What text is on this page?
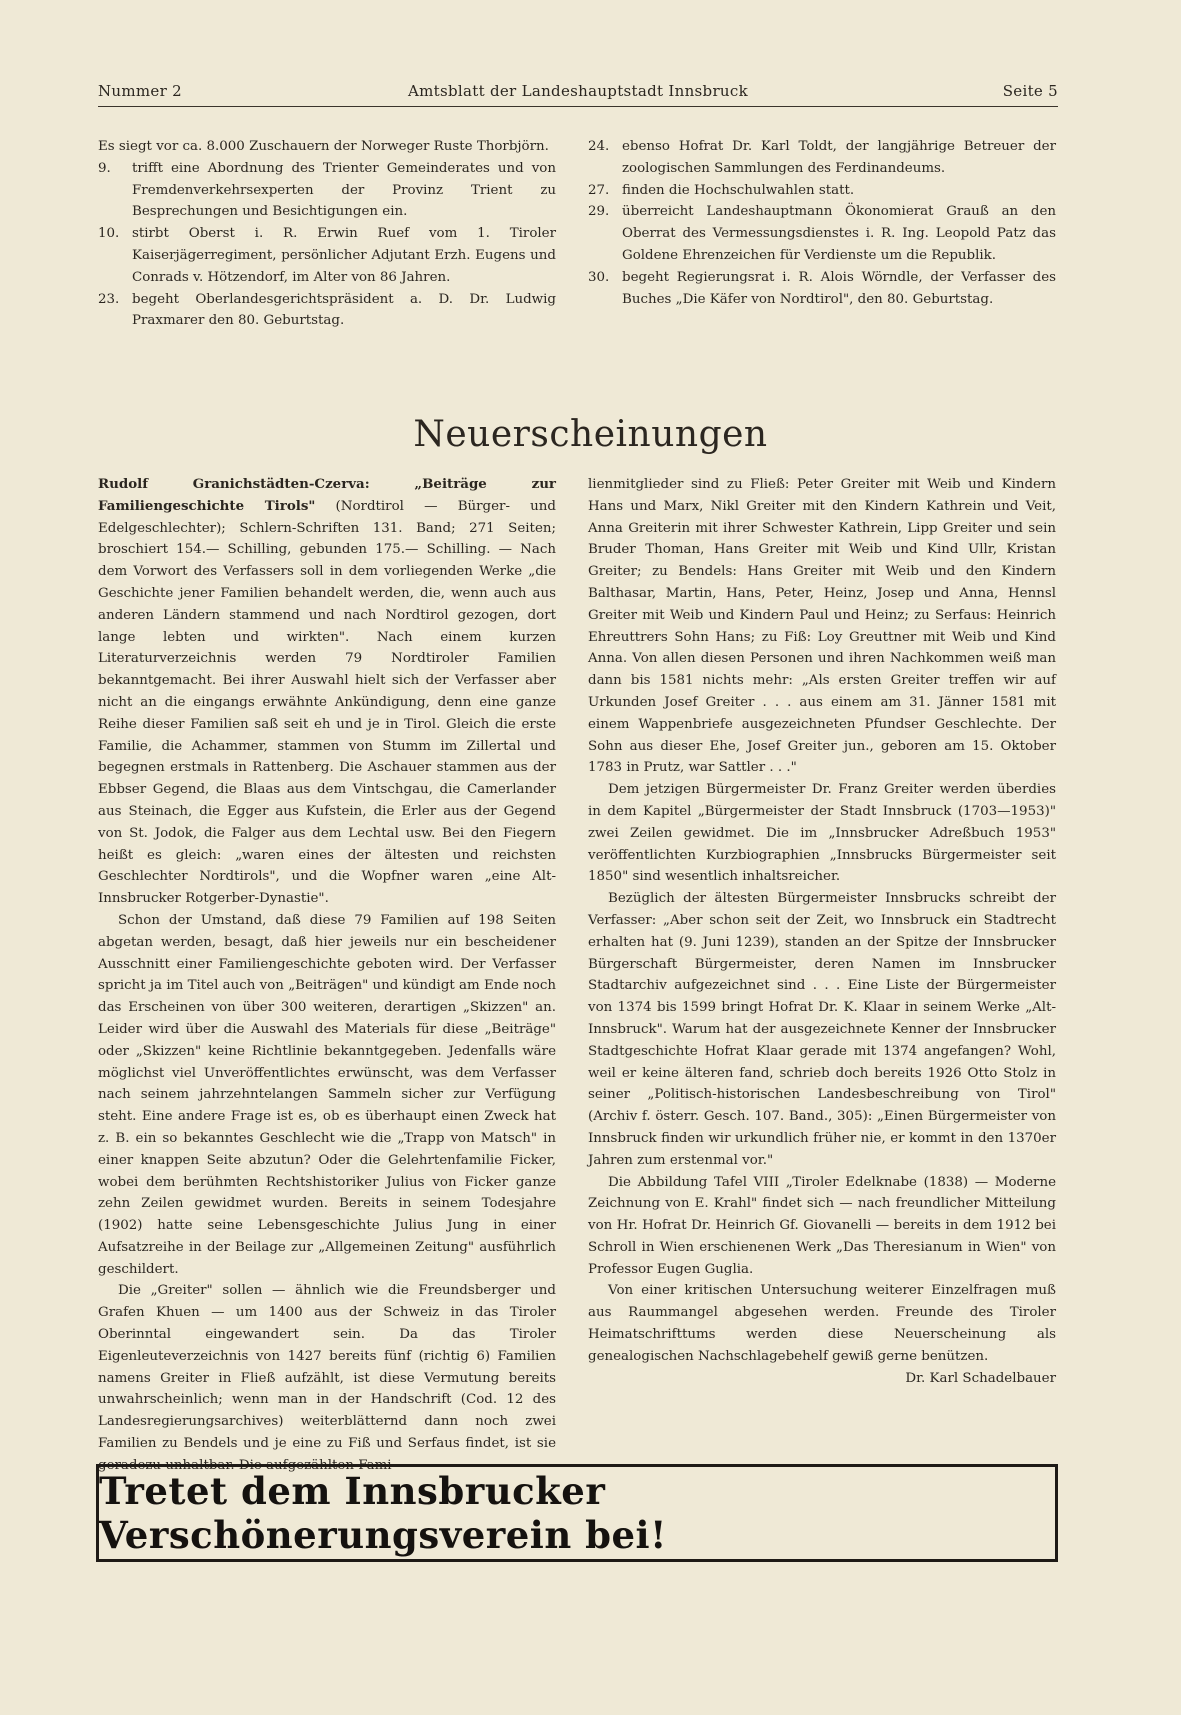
Nummer 2	Amtsblatt der Landeshauptstadt Innsbruck	Seite 5

Es siegt vor ca. 8.000 Zuschauern der Norweger Ruste Thorbjörn.

9. trifft eine Abordnung des Trienter Gemeinderates und von Fremdenverkehrsexperten der Provinz Trient zu Besprechungen und Besichtigungen ein.

10. stirbt Oberst i. R. Erwin Ruef vom 1. Tiroler Kaiserjägerregiment, persönlicher Adjutant Erzh. Eugens und Conrads v. Hötzendorf, im Alter von 86 Jahren.

23. begeht Oberlandesgerichtspräsident a. D. Dr. Ludwig Praxmarer den 80. Geburtstag.

24. ebenso Hofrat Dr. Karl Toldt, der langjährige Betreuer der zoologischen Sammlungen des Ferdinandeums.

27. finden die Hochschulwahlen statt.

29. überreicht Landeshauptmann Ökonomierat Grauß an den Oberrat des Vermessungsdienstes i. R. Ing. Leopold Patz das Goldene Ehrenzeichen für Verdienste um die Republik.

30. begeht Regierungsrat i. R. Alois Wörndle, der Verfasser des Buches „Die Käfer von Nordtirol", den 80. Geburtstag.

Neuerscheinungen

Rudolf Granichstädten-Czerva: „Beiträge zur Familiengeschichte Tirols" (Nordtirol — Bürger- und Edelgeschlechter); Schlern-Schriften 131. Band; 271 Seiten; broschiert 154.— Schilling, gebunden 175.— Schilling. — Nach dem Vorwort des Verfassers soll in dem vorliegenden Werke „die Geschichte jener Familien behandelt werden, die, wenn auch aus anderen Ländern stammend und nach Nordtirol gezogen, dort lange lebten und wirkten". Nach einem kurzen Literaturverzeichnis werden 79 Nordtiroler Familien bekanntgemacht. Bei ihrer Auswahl hielt sich der Verfasser aber nicht an die eingangs erwähnte Ankündigung, denn eine ganze Reihe dieser Familien saß seit eh und je in Tirol. Gleich die erste Familie, die Achammer, stammen von Stumm im Zillertal und begegnen erstmals in Rattenberg. Die Aschauer stammen aus der Ebbser Gegend, die Blaas aus dem Vintschgau, die Camerlander aus Steinach, die Egger aus Kufstein, die Erler aus der Gegend von St. Jodok, die Falger aus dem Lechtal usw. Bei den Fiegern heißt es gleich: „waren eines der ältesten und reichsten Geschlechter Nordtirols", und die Wopfner waren „eine Alt-Innsbrucker Rotgerber-Dynastie".

Schon der Umstand, daß diese 79 Familien auf 198 Seiten abgetan werden, besagt, daß hier jeweils nur ein bescheidener Ausschnitt einer Familiengeschichte geboten wird. Der Verfasser spricht ja im Titel auch von „Beiträgen" und kündigt am Ende noch das Erscheinen von über 300 weiteren, derartigen „Skizzen" an. Leider wird über die Auswahl des Materials für diese „Beiträge" oder „Skizzen" keine Richtlinie bekanntgegeben. Jedenfalls wäre möglichst viel Unveröffentlichtes erwünscht, was dem Verfasser nach seinem jahrzehntelangen Sammeln sicher zur Verfügung steht. Eine andere Frage ist es, ob es überhaupt einen Zweck hat z. B. ein so bekanntes Geschlecht wie die „Trapp von Matsch" in einer knappen Seite abzutun? Oder die Gelehrtenfamilie Ficker, wobei dem berühmten Rechtshistoriker Julius von Ficker ganze zehn Zeilen gewidmet wurden. Bereits in seinem Todesjahre (1902) hatte seine Lebensgeschichte Julius Jung in einer Aufsatzreihe in der Beilage zur „Allgemeinen Zeitung" ausführlich geschildert.

Die „Greiter" sollen — ähnlich wie die Freundsberger und Grafen Khuen — um 1400 aus der Schweiz in das Tiroler Oberinntal eingewandert sein. Da das Tiroler Eigenleuteverzeichnis von 1427 bereits fünf (richtig 6) Familien namens Greiter in Fließ aufzählt, ist diese Vermutung bereits unwahrscheinlich; wenn man in der Handschrift (Cod. 12 des Landesregierungsarchives) weiterblätternd dann noch zwei Familien zu Bendels und je eine zu Fiß und Serfaus findet, ist sie geradezu unhaltbar. Die aufgezählten Fami-

lienmitglieder sind zu Fließ: Peter Greiter mit Weib und Kindern Hans und Marx, Nikl Greiter mit den Kindern Kathrein und Veit, Anna Greiterin mit ihrer Schwester Kathrein, Lipp Greiter und sein Bruder Thoman, Hans Greiter mit Weib und Kind Ullr, Kristan Greiter; zu Bendels: Hans Greiter mit Weib und den Kindern Balthasar, Martin, Hans, Peter, Heinz, Josep und Anna, Hennsl Greiter mit Weib und Kindern Paul und Heinz; zu Serfaus: Heinrich Ehreuttrers Sohn Hans; zu Fiß: Loy Greuttner mit Weib und Kind Anna. Von allen diesen Personen und ihren Nachkommen weiß man dann bis 1581 nichts mehr: „Als ersten Greiter treffen wir auf Urkunden Josef Greiter . . . aus einem am 31. Jänner 1581 mit einem Wappenbriefe ausgezeichneten Pfundser Geschlechte. Der Sohn aus dieser Ehe, Josef Greiter jun., geboren am 15. Oktober 1783 in Prutz, war Sattler . . ."

Dem jetzigen Bürgermeister Dr. Franz Greiter werden überdies in dem Kapitel „Bürgermeister der Stadt Innsbruck (1703—1953)" zwei Zeilen gewidmet. Die im „Innsbrucker Adreßbuch 1953" veröffentlichten Kurzbiographien „Innsbrucks Bürgermeister seit 1850" sind wesentlich inhaltsreicher.

Bezüglich der ältesten Bürgermeister Innsbrucks schreibt der Verfasser: „Aber schon seit der Zeit, wo Innsbruck ein Stadtrecht erhalten hat (9. Juni 1239), standen an der Spitze der Innsbrucker Bürgerschaft Bürgermeister, deren Namen im Innsbrucker Stadtarchiv aufgezeichnet sind . . . Eine Liste der Bürgermeister von 1374 bis 1599 bringt Hofrat Dr. K. Klaar in seinem Werke „Alt-Innsbruck". Warum hat der ausgezeichnete Kenner der Innsbrucker Stadtgeschichte Hofrat Klaar gerade mit 1374 angefangen? Wohl, weil er keine älteren fand, schrieb doch bereits 1926 Otto Stolz in seiner „Politisch-historischen Landesbeschreibung von Tirol" (Archiv f. österr. Gesch. 107. Band., 305): „Einen Bürgermeister von Innsbruck finden wir urkundlich früher nie, er kommt in den 1370er Jahren zum erstenmal vor."

Die Abbildung Tafel VIII „Tiroler Edelknabe (1838) — Moderne Zeichnung von E. Krahl" findet sich — nach freundlicher Mitteilung von Hr. Hofrat Dr. Heinrich Gf. Giovanelli — bereits in dem 1912 bei Schroll in Wien erschienenen Werk „Das Theresianum in Wien" von Professor Eugen Guglia.

Von einer kritischen Untersuchung weiterer Einzelfragen muß aus Raummangel abgesehen werden. Freunde des Tiroler Heimatschrifttums werden diese Neuerscheinung als genealogischen Nachschlagebehelf gewiß gerne benützen.

Dr. Karl Schadelbauer

Tretet dem Innsbrucker Verschönerungsverein bei!
